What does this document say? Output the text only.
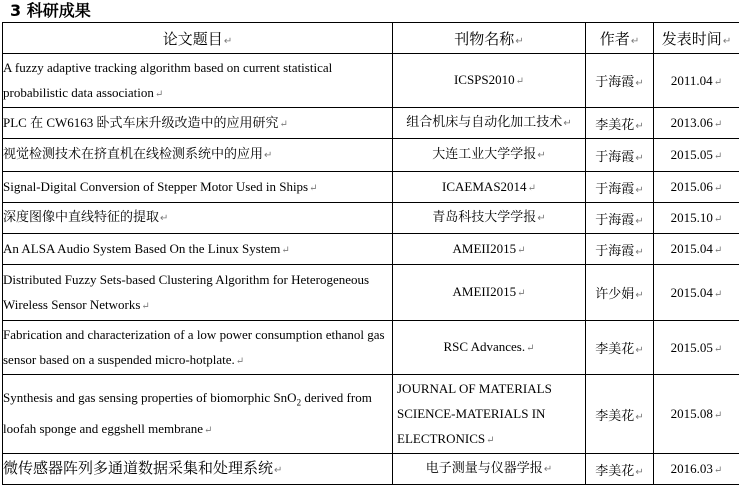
3 科研成果
论文题目↵	刊物名称↵	作者↵	发表时间↵
A fuzzy adaptive tracking algorithm based on current statistical probabilistic data association↵	ICSPS2010↵	于海霞↵	2011.04↵
PLC 在 CW6163 卧式车床升级改造中的应用研究↵	组合机床与自动化加工技术↵	李美花↵	2013.06↵
视觉检测技术在挤直机在线检测系统中的应用↵	大连工业大学学报↵	于海霞↵	2015.05↵
Signal-Digital Conversion of Stepper Motor Used in Ships↵	ICAEMAS2014↵	于海霞↵	2015.06↵
深度图像中直线特征的提取↵	青岛科技大学学报↵	于海霞↵	2015.10↵
An ALSA Audio System Based On the Linux System↵	AMEII2015↵	于海霞↵	2015.04↵
Distributed Fuzzy Sets-based Clustering Algorithm for Heterogeneous Wireless Sensor Networks↵	AMEII2015↵	许少娟↵	2015.04↵
Fabrication and characterization of a low power consumption ethanol gas sensor based on a suspended micro-hotplate.↵	RSC Advances.↵	李美花↵	2015.05↵
Synthesis and gas sensing properties of biomorphic SnO$_2$ derived from loofah sponge and eggshell membrane↵	JOURNAL OF MATERIALS SCIENCE-MATERIALS IN ELECTRONICS↵	李美花↵	2015.08↵
微传感器阵列多通道数据采集和处理系统↵	电子测量与仪器学报↵	李美花↵	2016.03↵
